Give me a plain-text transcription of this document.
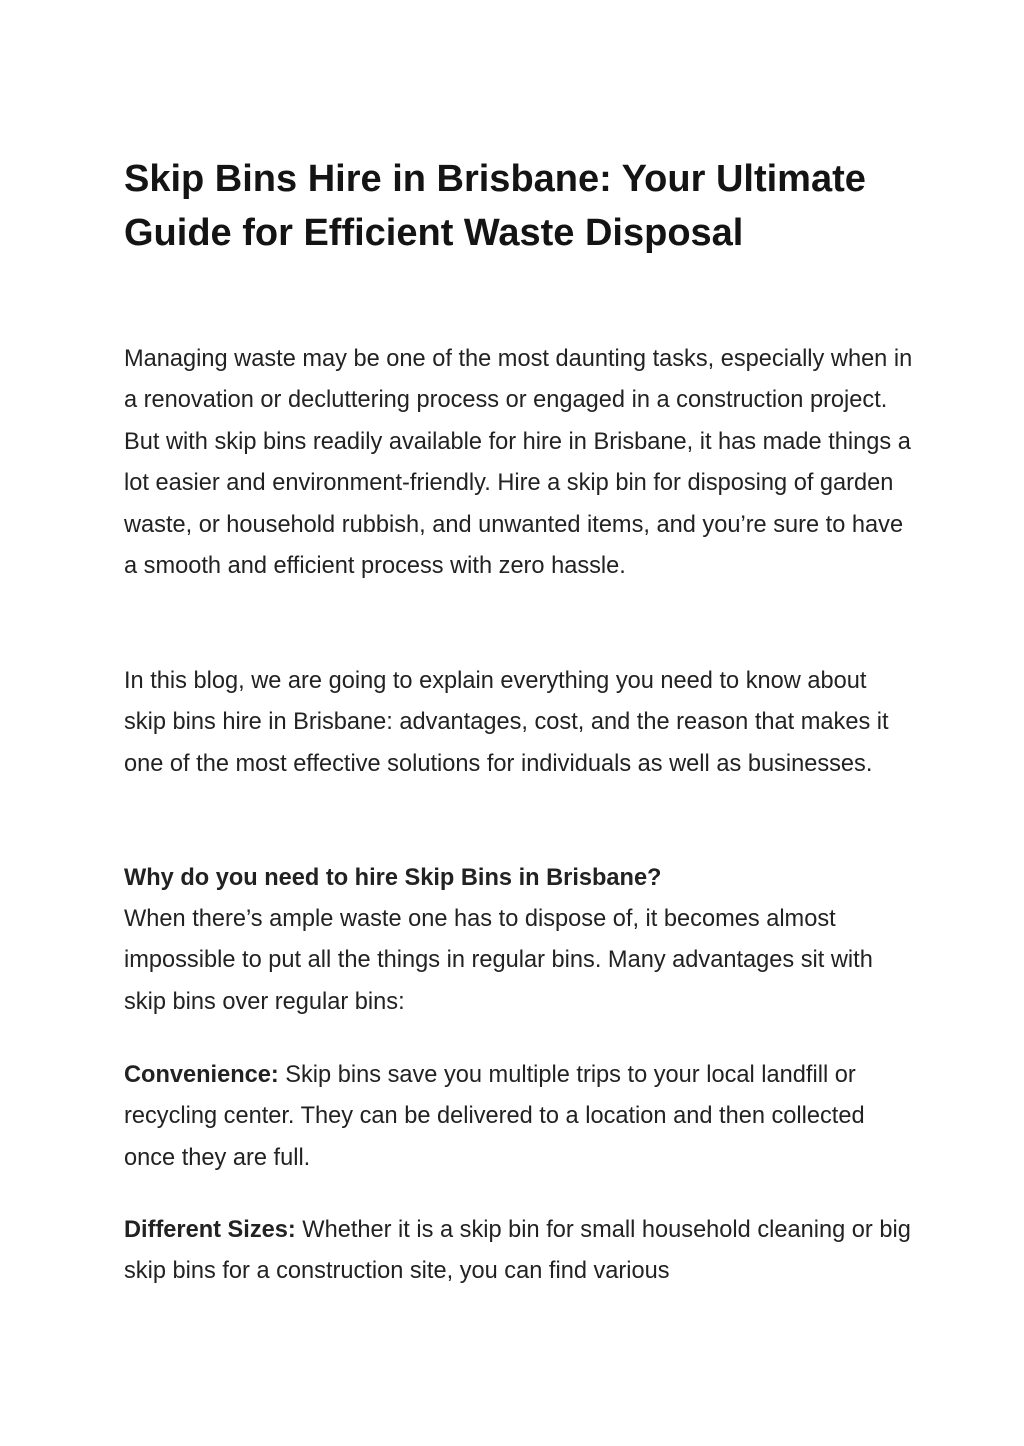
Skip Bins Hire in Brisbane: Your Ultimate Guide for Efficient Waste Disposal

Managing waste may be one of the most daunting tasks, especially when in a renovation or decluttering process or engaged in a construction project. But with skip bins readily available for hire in Brisbane, it has made things a lot easier and environment-friendly. Hire a skip bin for disposing of garden waste, or household rubbish, and unwanted items, and you’re sure to have a smooth and efficient process with zero hassle.

In this blog, we are going to explain everything you need to know about skip bins hire in Brisbane: advantages, cost, and the reason that makes it one of the most effective solutions for individuals as well as businesses.

Why do you need to hire Skip Bins in Brisbane?

When there’s ample waste one has to dispose of, it becomes almost impossible to put all the things in regular bins. Many advantages sit with skip bins over regular bins:

Convenience: Skip bins save you multiple trips to your local landfill or recycling center. They can be delivered to a location and then collected once they are full.

Different Sizes: Whether it is a skip bin for small household cleaning or big skip bins for a construction site, you can find various
